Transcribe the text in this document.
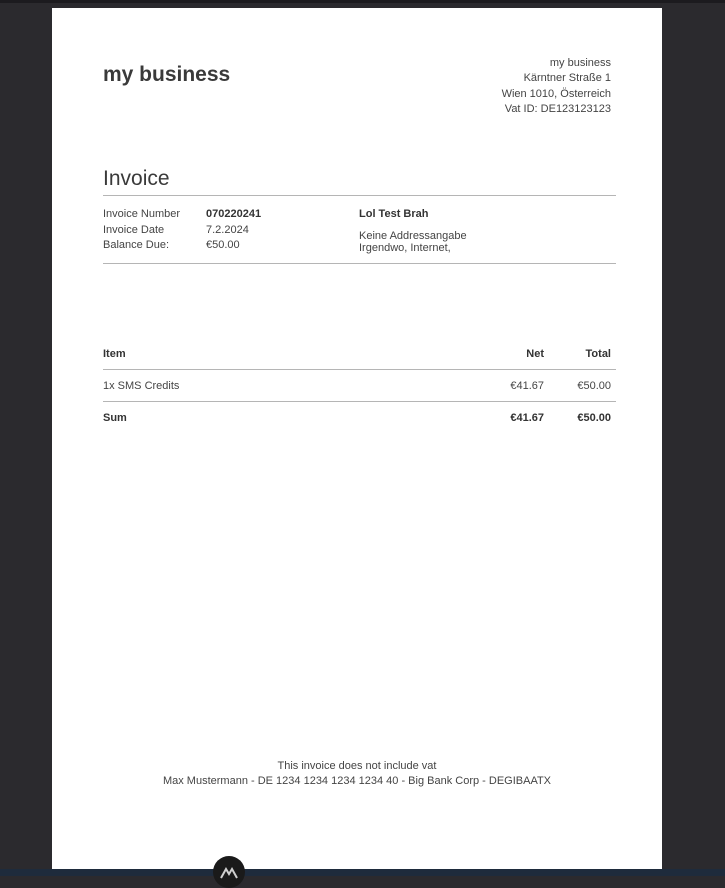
my business	my business
Kärntner Straße 1
Wien 1010, Österreich
Vat ID: DE123123123
Invoice
Invoice Number	070220241
Invoice Date	7.2.2024
Balance Due:	€50.00
Lol Test Brah
Keine Addressangabe
Irgendwo, Internet,
Item	Net	Total
1x SMS Credits	€41.67	€50.00
Sum	€41.67	€50.00
This invoice does not include vat
Max Mustermann - DE 1234 1234 1234 1234 40 - Big Bank Corp - DEGIBAATX
